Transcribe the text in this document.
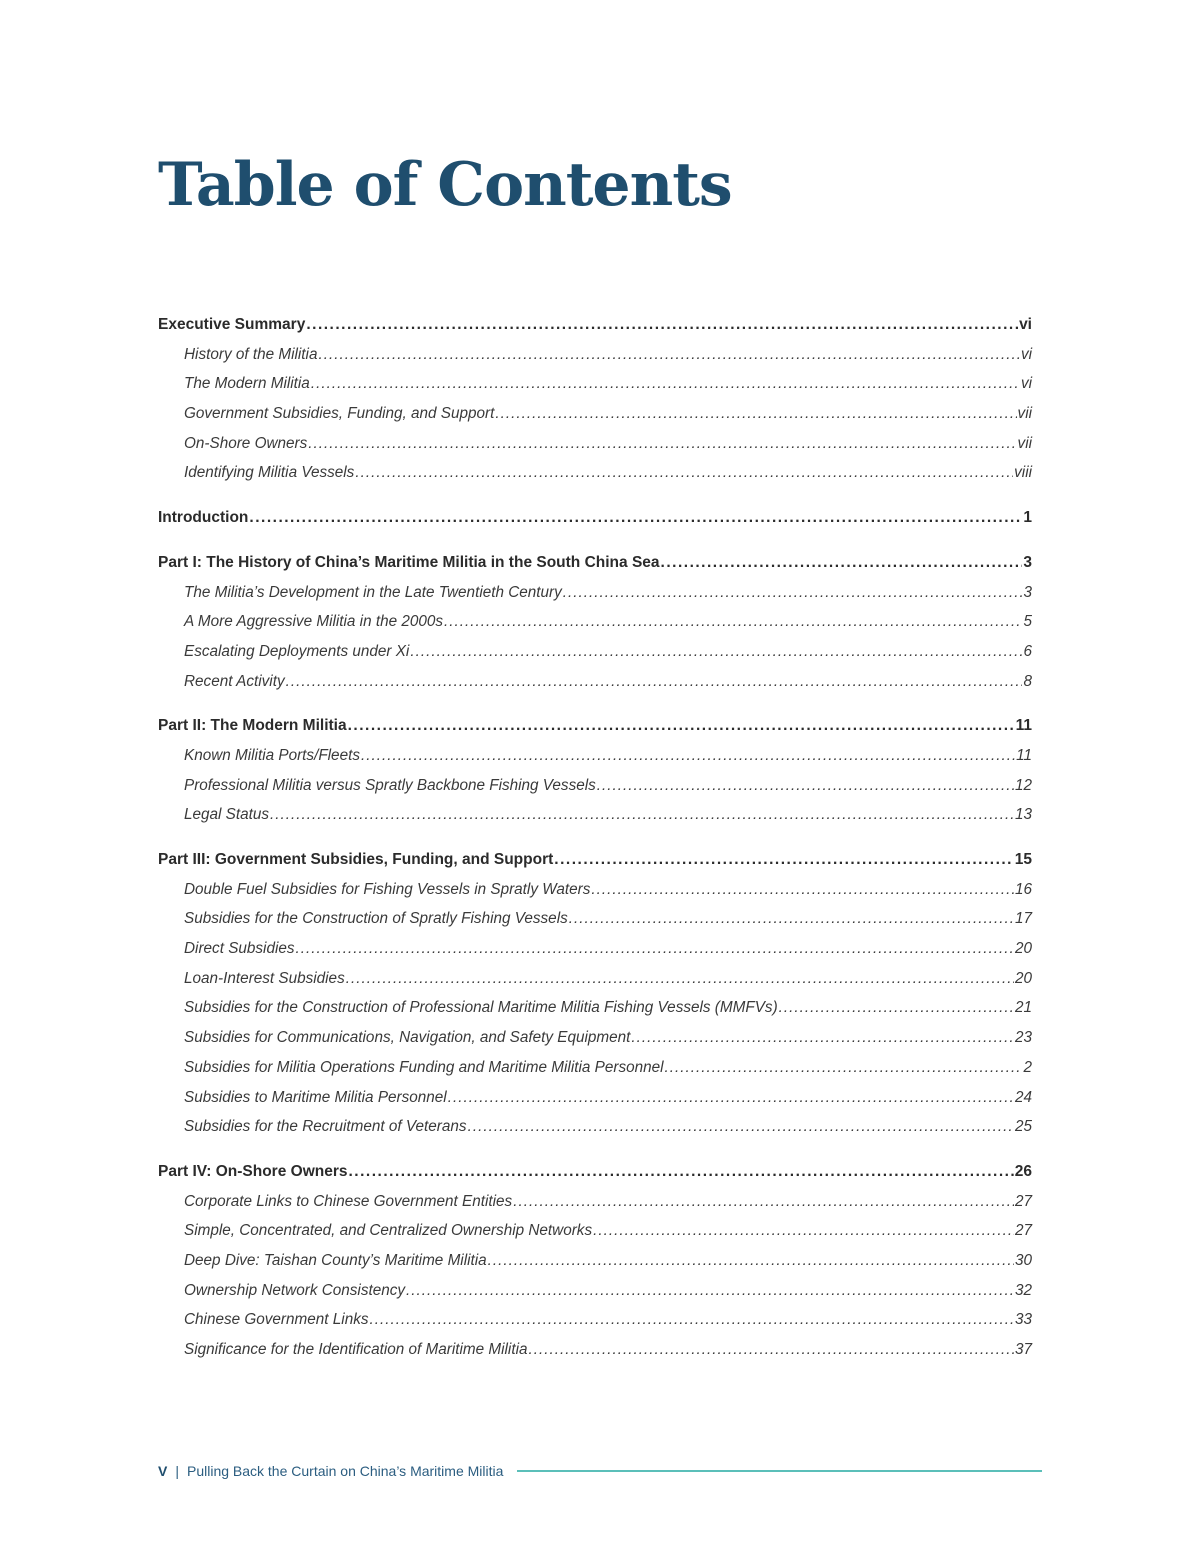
Table of Contents
Executive Summary .....	vi
History of the Militia .....	vi
The Modern Militia .....	vi
Government Subsidies, Funding, and Support .....	vii
On-Shore Owners .....	vii
Identifying Militia Vessels .....	viii
Introduction .....	1
Part I: The History of China’s Maritime Militia in the South China Sea .....	3
The Militia’s Development in the Late Twentieth Century .....	3
A More Aggressive Militia in the 2000s .....	5
Escalating Deployments under Xi .....	6
Recent Activity .....	8
Part II: The Modern Militia .....	11
Known Militia Ports/Fleets .....	11
Professional Militia versus Spratly Backbone Fishing Vessels .....	12
Legal Status .....	13
Part III: Government Subsidies, Funding, and Support .....	15
Double Fuel Subsidies for Fishing Vessels in Spratly Waters .....	16
Subsidies for the Construction of Spratly Fishing Vessels .....	17
Direct Subsidies .....	20
Loan-Interest Subsidies .....	20
Subsidies for the Construction of Professional Maritime Militia Fishing Vessels (MMFVs) .....	21
Subsidies for Communications, Navigation, and Safety Equipment .....	23
Subsidies for Militia Operations Funding and Maritime Militia Personnel .....	2
Subsidies to Maritime Militia Personnel .....	24
Subsidies for the Recruitment of Veterans .....	25
Part IV: On-Shore Owners .....	26
Corporate Links to Chinese Government Entities .....	27
Simple, Concentrated, and Centralized Ownership Networks .....	27
Deep Dive: Taishan County’s Maritime Militia .....	30
Ownership Network Consistency .....	32
Chinese Government Links .....	33
Significance for the Identification of Maritime Militia .....	37
V | Pulling Back the Curtain on China’s Maritime Militia
